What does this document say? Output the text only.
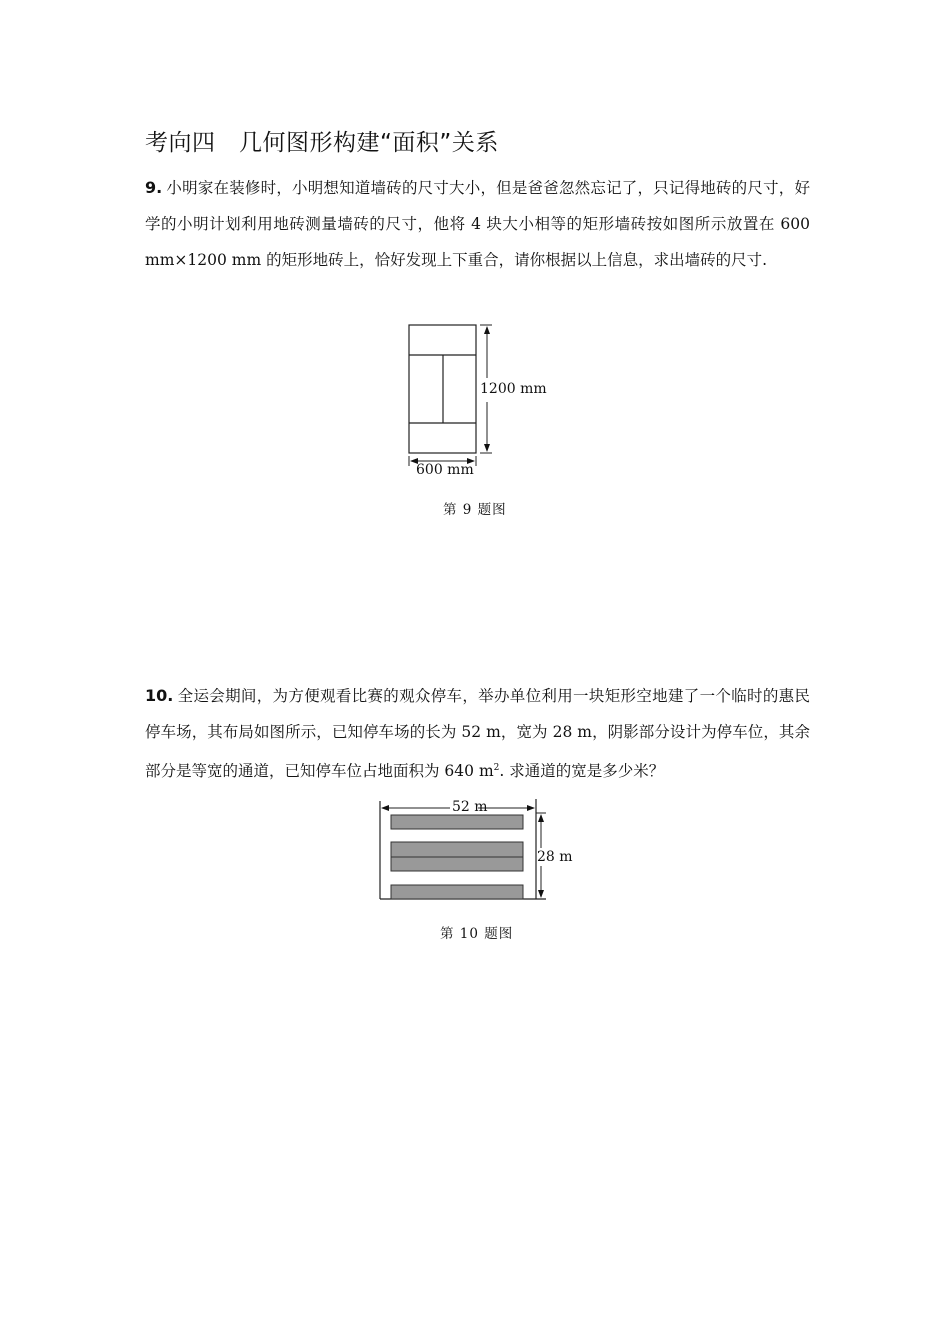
考向四　几何图形构建“面积”关系
9. 小明家在装修时，小明想知道墙砖的尺寸大小，但是爸爸忽然忘记了，只记得地砖的尺寸，好学的小明计划利用地砖测量墙砖的尺寸，他将 4 块大小相等的矩形墙砖按如图所示放置在 600 mm×1200 mm 的矩形地砖上，恰好发现上下重合，请你根据以上信息，求出墙砖的尺寸.
1200 mm
600 mm
第 9 题图
10. 全运会期间，为方便观看比赛的观众停车，举办单位利用一块矩形空地建了一个临时的惠民停车场，其布局如图所示，已知停车场的长为 52 m，宽为 28 m，阴影部分设计为停车位，其余部分是等宽的通道，已知停车位占地面积为 640 $m^2$. 求通道的宽是多少米？
52 m
28 m
第 10 题图
